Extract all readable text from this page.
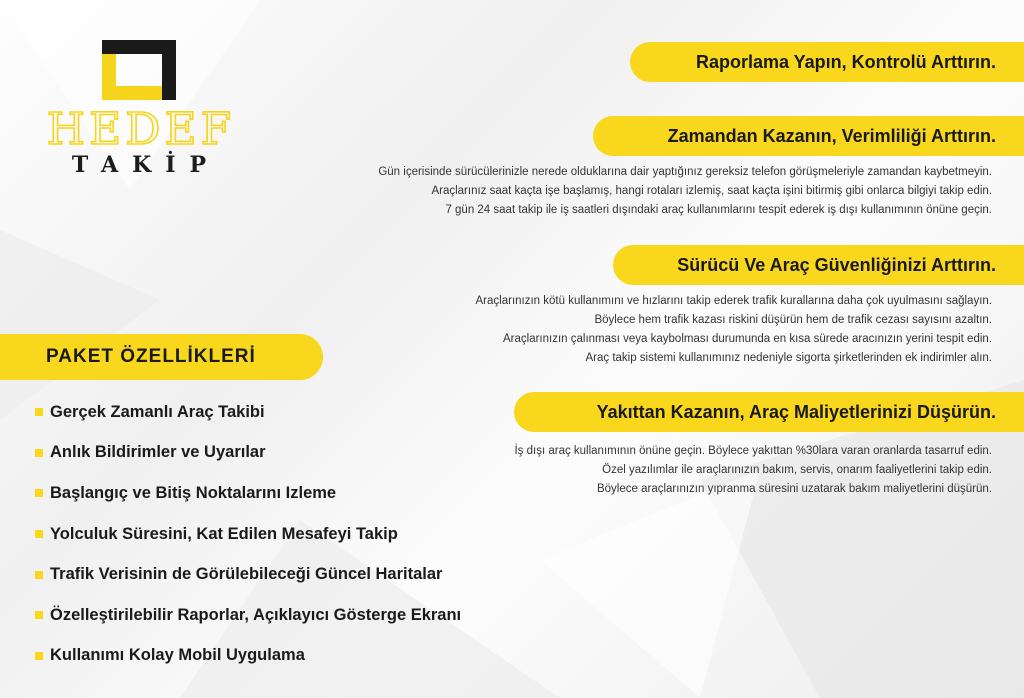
HEDEF
TAKİP
Raporlama Yapın, Kontrolü Arttırın.
Zamandan Kazanın, Verimliliği Arttırın.
Gün içerisinde sürücülerinizle nerede olduklarına dair yaptığınız gereksiz telefon görüşmeleriyle zamandan kaybetmeyin.
Araçlarınız saat kaçta işe başlamış, hangi rotaları izlemiş, saat kaçta işini bitirmiş gibi onlarca bilgiyi takip edin.
7 gün 24 saat takip ile iş saatleri dışındaki araç kullanımlarını tespit ederek iş dışı kullanımının önüne geçin.
Sürücü Ve Araç Güvenliğinizi Arttırın.
Araçlarınızın kötü kullanımını ve hızlarını takip ederek trafik kurallarına daha çok uyulmasını sağlayın.
Böylece hem trafik kazası riskini düşürün hem de trafik cezası sayısını azaltın.
Araçlarınızın çalınması veya kaybolması durumunda en kısa sürede aracınızın yerini tespit edin.
Araç takip sistemi kullanımınız nedeniyle sigorta şirketlerinden ek indirimler alın.
Yakıttan Kazanın, Araç Maliyetlerinizi Düşürün.
İş dışı araç kullanımının önüne geçin. Böylece yakıttan %30lara varan oranlarda tasarruf edin.
Özel yazılımlar ile araçlarınızın bakım, servis, onarım faaliyetlerini takip edin.
Böylece araçlarınızın yıpranma süresini uzatarak bakım maliyetlerini düşürün.
PAKET ÖZELLİKLERİ
Gerçek Zamanlı Araç Takibi
Anlık Bildirimler ve Uyarılar
Başlangıç ve Bitiş Noktalarını Izleme
Yolculuk Süresini, Kat Edilen Mesafeyi Takip
Trafik Verisinin de Görülebileceği Güncel Haritalar
Özelleştirilebilir Raporlar, Açıklayıcı Gösterge Ekranı
Kullanımı Kolay Mobil Uygulama
